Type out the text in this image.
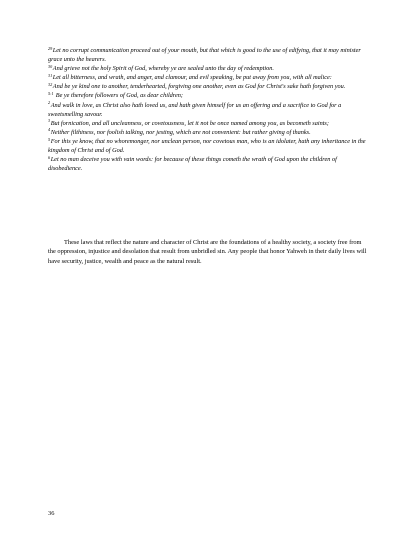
$^{29}$Let no corrupt communication proceed out of your mouth, but that which is good to the use of edifying, that it may minister grace unto the hearers.

$^{30}$And grieve not the holy Spirit of God, whereby ye are sealed unto the day of redemption.

$^{31}$Let all bitterness, and wrath, and anger, and clamour, and evil speaking, be put away from you, with all malice:

$^{32}$And be ye kind one to another, tenderhearted, forgiving one another, even as God for Christ's sake hath forgiven you.

$^{5:1}$ Be ye therefore followers of God, as dear children;

$^2$And walk in love, as Christ also hath loved us, and hath given himself for us an offering and a sacrifice to God for a sweetsmelling savour.

$^3$But fornication, and all uncleanness, or covetousness, let it not be once named among you, as becometh saints;

$^4$Neither filthiness, nor foolish talking, nor jesting, which are not convenient: but rather giving of thanks.

$^5$For this ye know, that no whoremonger, nor unclean person, nor covetous man, who is an idolater, hath any inheritance in the kingdom of Christ and of God.

$^6$Let no man deceive you with vain words: for because of these things cometh the wrath of God upon the children of disobedience.

These laws that reflect the nature and character of Christ are the foundations of a healthy society, a society free from the oppression, injustice and desolation that result from unbridled sin. Any people that honor Yahweh in their daily lives will have security, justice, wealth and peace as the natural result.

36
